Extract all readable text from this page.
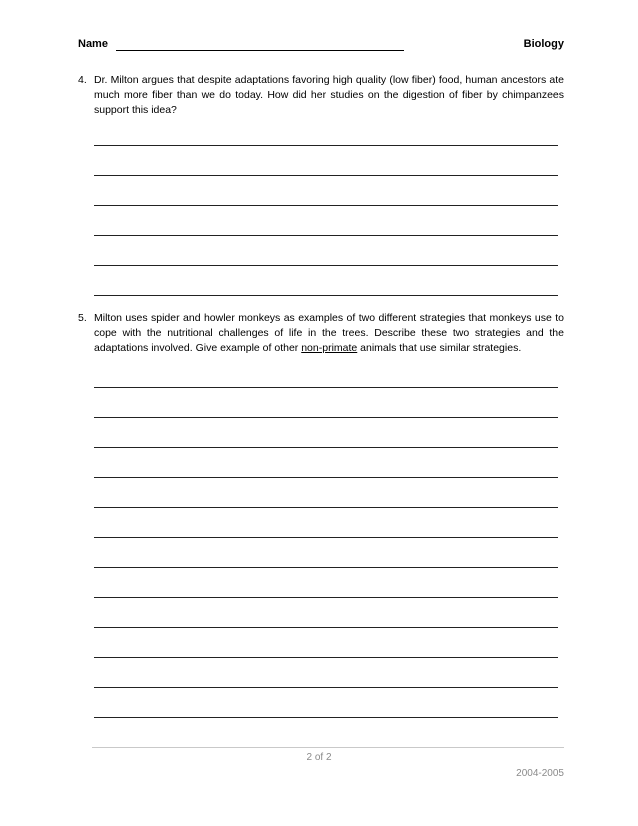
Name	Biology
4. Dr. Milton argues that despite adaptations favoring high quality (low fiber) food, human ancestors ate much more fiber than we do today. How did her studies on the digestion of fiber by chimpanzees support this idea?
5. Milton uses spider and howler monkeys as examples of two different strategies that monkeys use to cope with the nutritional challenges of life in the trees. Describe these two strategies and the adaptations involved. Give example of other non-primate animals that use similar strategies.
2 of 2
2004-2005
